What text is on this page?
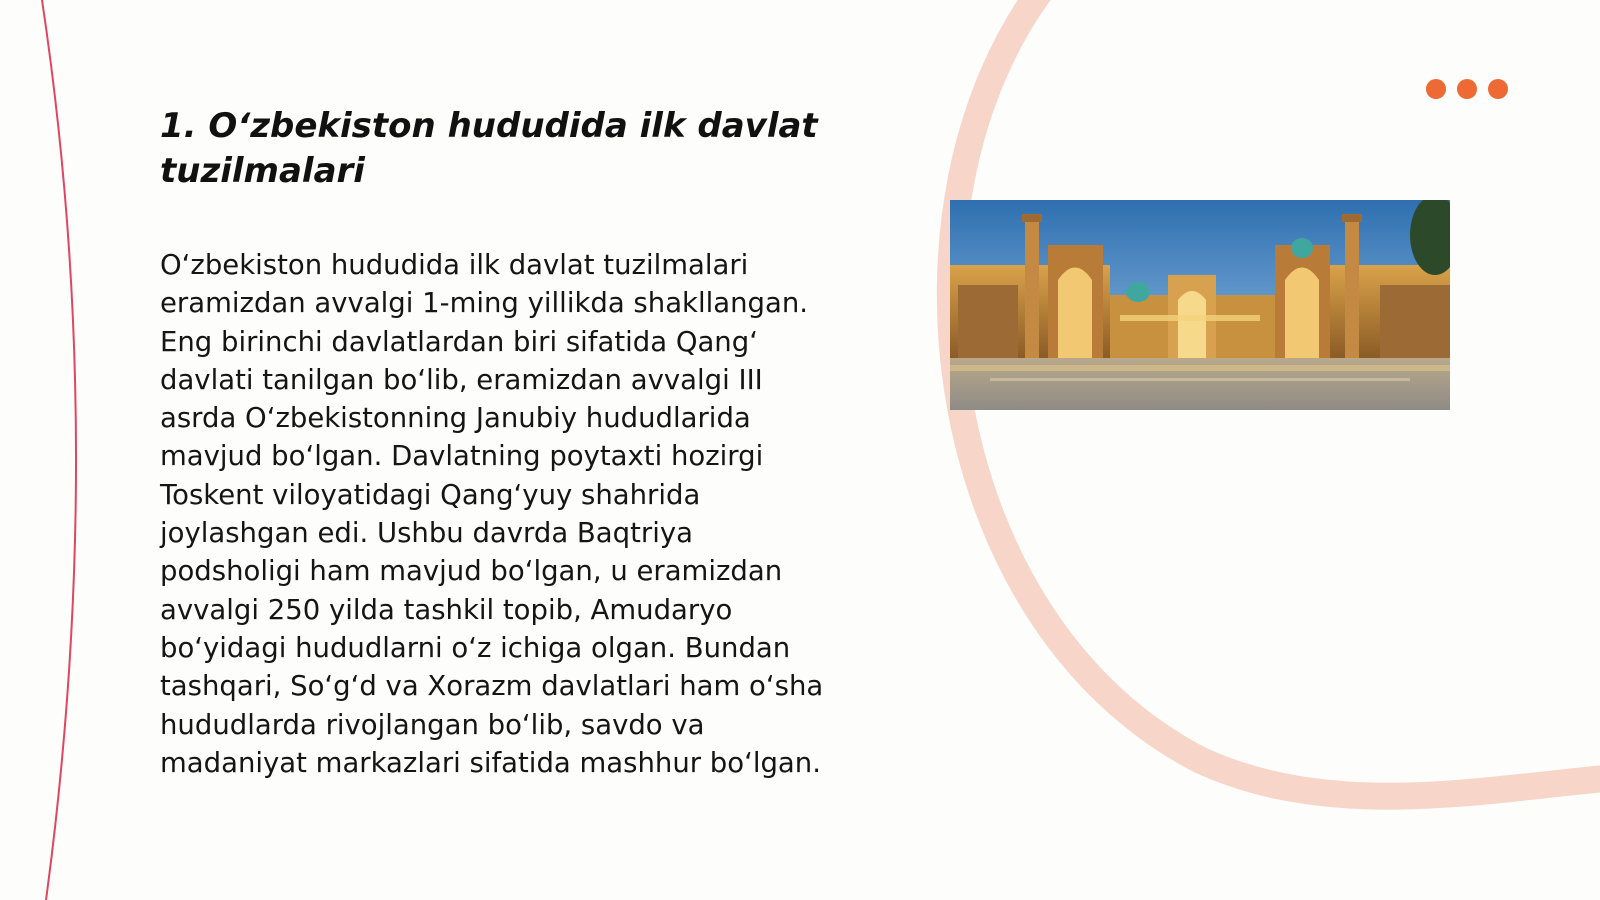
1. O‘zbekiston hududida ilk davlat tuzilmalari

O‘zbekiston hududida ilk davlat tuzilmalari eramizdan avvalgi 1-ming yillikda shakllangan. Eng birinchi davlatlardan biri sifatida Qang‘ davlati tanilgan bo‘lib, eramizdan avvalgi III asrda O‘zbekistonning Janubiy hududlarida mavjud bo‘lgan. Davlatning poytaxti hozirgi Toskent viloyatidagi Qang‘yuy shahrida joylashgan edi. Ushbu davrda Baqtriya podsholigi ham mavjud bo‘lgan, u eramizdan avvalgi 250 yilda tashkil topib, Amudaryo bo‘yidagi hududlarni o‘z ichiga olgan. Bundan tashqari, So‘g‘d va Xorazm davlatlari ham o‘sha hududlarda rivojlangan bo‘lib, savdo va madaniyat markazlari sifatida mashhur bo‘lgan.
